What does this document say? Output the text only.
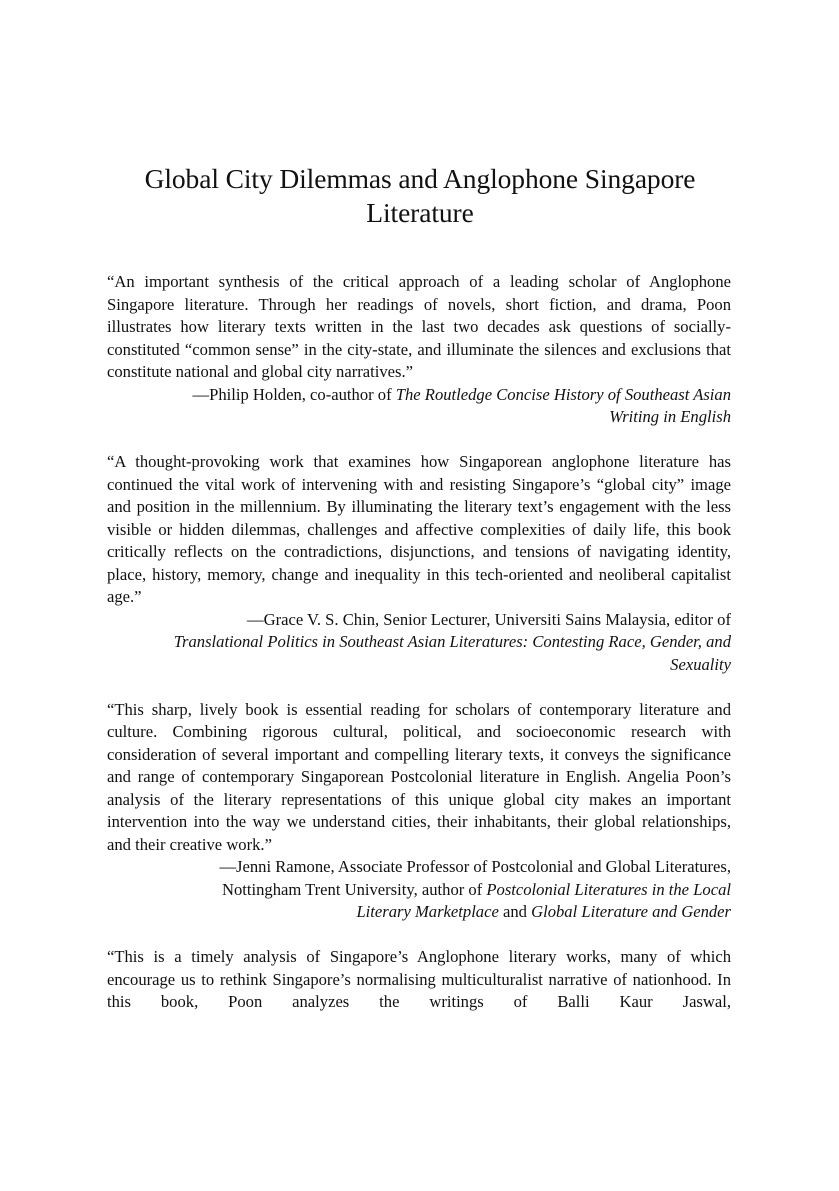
Global City Dilemmas and Anglophone Singapore Literature

“An important synthesis of the critical approach of a leading scholar of Anglophone Singapore literature. Through her readings of novels, short fiction, and drama, Poon illustrates how literary texts written in the last two decades ask questions of socially-constituted “common sense” in the city-state, and illuminate the silences and exclusions that constitute national and global city narratives.”

—Philip Holden, co-author of The Routledge Concise History of Southeast Asian Writing in English

“A thought-provoking work that examines how Singaporean anglophone literature has continued the vital work of intervening with and resisting Singapore’s “global city” image and position in the millennium. By illuminating the literary text’s engagement with the less visible or hidden dilemmas, challenges and affective complexities of daily life, this book critically reflects on the contradictions, disjunctions, and tensions of navigating identity, place, history, memory, change and inequality in this tech-oriented and neoliberal capitalist age.”

—Grace V. S. Chin, Senior Lecturer, Universiti Sains Malaysia, editor of Translational Politics in Southeast Asian Literatures: Contesting Race, Gender, and Sexuality

“This sharp, lively book is essential reading for scholars of contemporary literature and culture. Combining rigorous cultural, political, and socioeconomic research with consideration of several important and compelling literary texts, it conveys the significance and range of contemporary Singaporean Postcolonial literature in English. Angelia Poon’s analysis of the literary representations of this unique global city makes an important intervention into the way we understand cities, their inhabitants, their global relationships, and their creative work.”

—Jenni Ramone, Associate Professor of Postcolonial and Global Literatures, Nottingham Trent University, author of Postcolonial Literatures in the Local Literary Marketplace and Global Literature and Gender

“This is a timely analysis of Singapore’s Anglophone literary works, many of which encourage us to rethink Singapore’s normalising multiculturalist narrative of nationhood. In this book, Poon analyzes the writings of Balli Kaur Jaswal,
